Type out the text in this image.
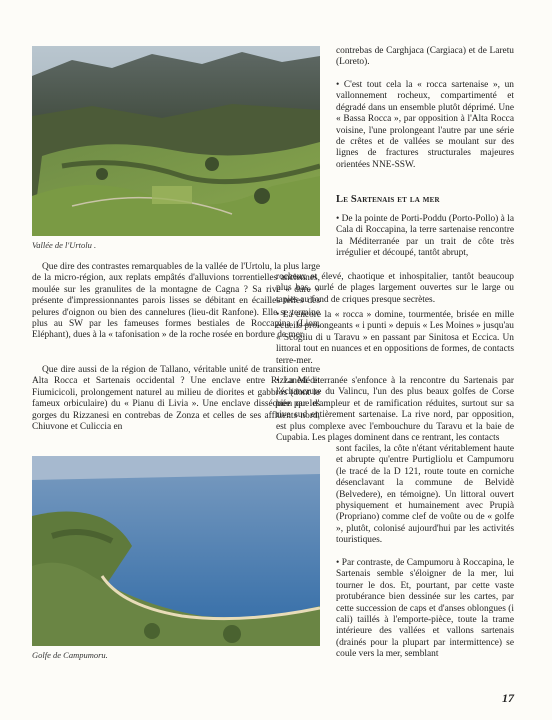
Vallée de l'Urtolu .
Golfe de Campumoru.

Que dire des contrastes remarquables de la vallée de l'Urtolu, la plus large de la micro-région, aux replats empâtés d'alluvions torrentielles anciennes, moulée sur les granulites de la montagne de Cagna ? Sa rive « dure » présente d'impressionnantes parois lisses se débitant en écailles telles des pelures d'oignon ou bien des cannelures (lieu-dit Ranfone). Elle se termine plus au SW par les fameuses formes bestiales de Roccapina (Lion, Eléphant), dues à la « tafonisation » de la roche rosée en bordure de mer.

Que dire aussi de la région de Tallano, véritable unité de transition entre Alta Rocca et Sartenais occidental ? Une enclave entre Rizzanesi et Fiumicicoli, prolongement naturel au milieu de diorites et gabbros (dont le fameux orbiculaire) du « Pianu di Livia ». Une enclave disséquée par les gorges du Rizzanesi en contrebas de Zonza et celles de ses affluents nord, Chiuvone et Culiccia en

contrebas de Carghjaca (Cargiaca) et de Laretu (Loreto).

• C'est tout cela la « rocca sartenaise », un vallonnement rocheux, compartimenté et dégradé dans un ensemble plutôt déprimé. Une « Bassa Rocca », par opposition à l'Alta Rocca voisine, l'une prolongeant l'autre par une série de crêtes et de vallées se moulant sur des lignes de fractures structurales majeures orientées NNE-SSW.

Le Sartenais et la mer

• De la pointe de Porti-Poddu (Porto-Pollo) à la Cala di Roccapina, la terre sartenaise rencontre la Méditerranée par un trait de côte très irrégulier et découpé, tantôt abrupt,

rocheux et élevé, chaotique et inhospitalier, tantôt beaucoup plus bas, ourlé de plages largement ouvertes sur le large ou tapies au fond de criques presque secrètes.

• Là encore la « rocca » domine, tourmentée, brisée en mille écueils prolongeants « i punti » depuis « Les Moines » jusqu'au « Scogliu di u Taravu » en passant par Sinitosa et Eccica. Un littoral tout en nuances et en oppositions de formes, de contacts terre-mer.

• La Méditerranée s'enfonce à la rencontre du Sartenais par l'échancrure du Valincu, l'un des plus beaux golfes de Corse bien que d'ampleur et de ramification réduites, surtout sur sa rive sud entièrement sartenaise. La rive nord, par opposition, est plus complexe avec l'embouchure du Taravu et la baie de Cupabia. Les plages dominent dans ce rentrant, les contacts

sont faciles, la côte n'étant véritablement haute et abrupte qu'entre Purtigliolu et Campumoru (le tracé de la D 121, route toute en corniche désenclavant la commune de Belvidè (Belvedere), en témoigne). Un littoral ouvert physiquement et humainement avec Prupià (Propriano) comme clef de voûte ou de « golfe », plutôt, colonisé aujourd'hui par les activités touristiques.

• Par contraste, de Campumoru à Roccapina, le Sartenais semble s'éloigner de la mer, lui tourner le dos. Et, pourtant, par cette vaste protubérance bien dessinée sur les cartes, par cette succession de caps et d'anses oblongues (i cali) taillés à l'emporte-pièce, toute la trame intérieure des vallées et vallons sartenais (drainés pour la plupart par intermittence) se coule vers la mer, semblant

17
